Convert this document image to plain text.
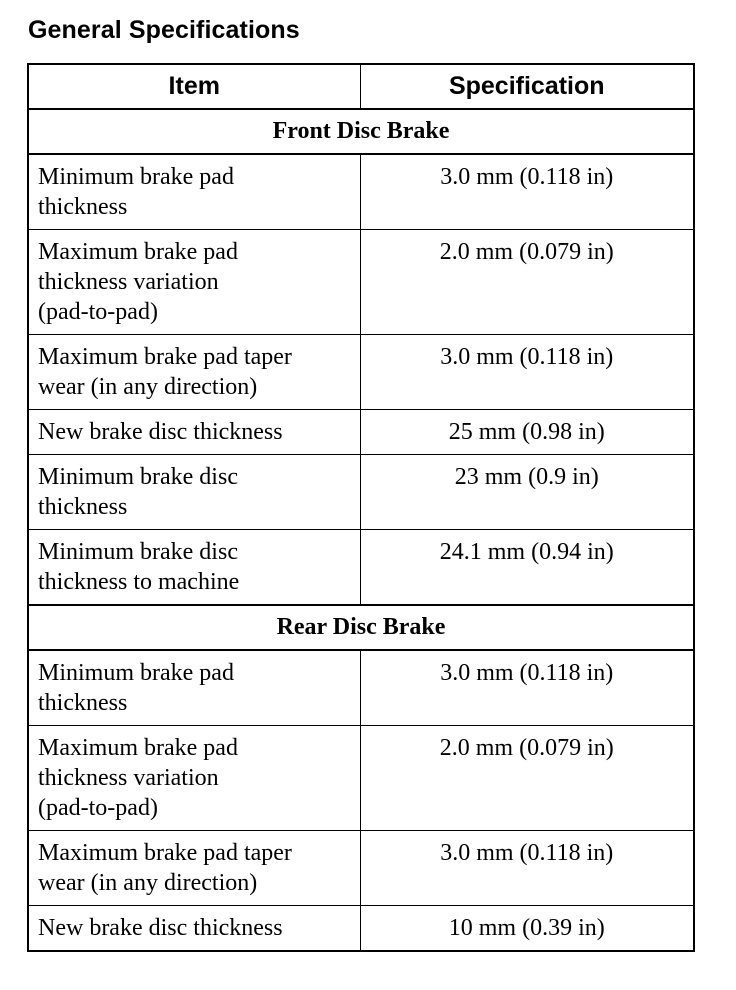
General Specifications
Item	Specification
Front Disc Brake	

Minimum brake pad
thickness	3.0 mm (0.118 in)

Maximum brake pad
thickness variation
(pad-to-pad)	2.0 mm (0.079 in)

Maximum brake pad taper
wear (in any direction)	3.0 mm (0.118 in)

New brake disc thickness	25 mm (0.98 in)

Minimum brake disc
thickness	23 mm (0.9 in)

Minimum brake disc
thickness to machine	24.1 mm (0.94 in)
Rear Disc Brake	

Minimum brake pad
thickness	3.0 mm (0.118 in)

Maximum brake pad
thickness variation
(pad-to-pad)	2.0 mm (0.079 in)

Maximum brake pad taper
wear (in any direction)	3.0 mm (0.118 in)

New brake disc thickness	10 mm (0.39 in)
